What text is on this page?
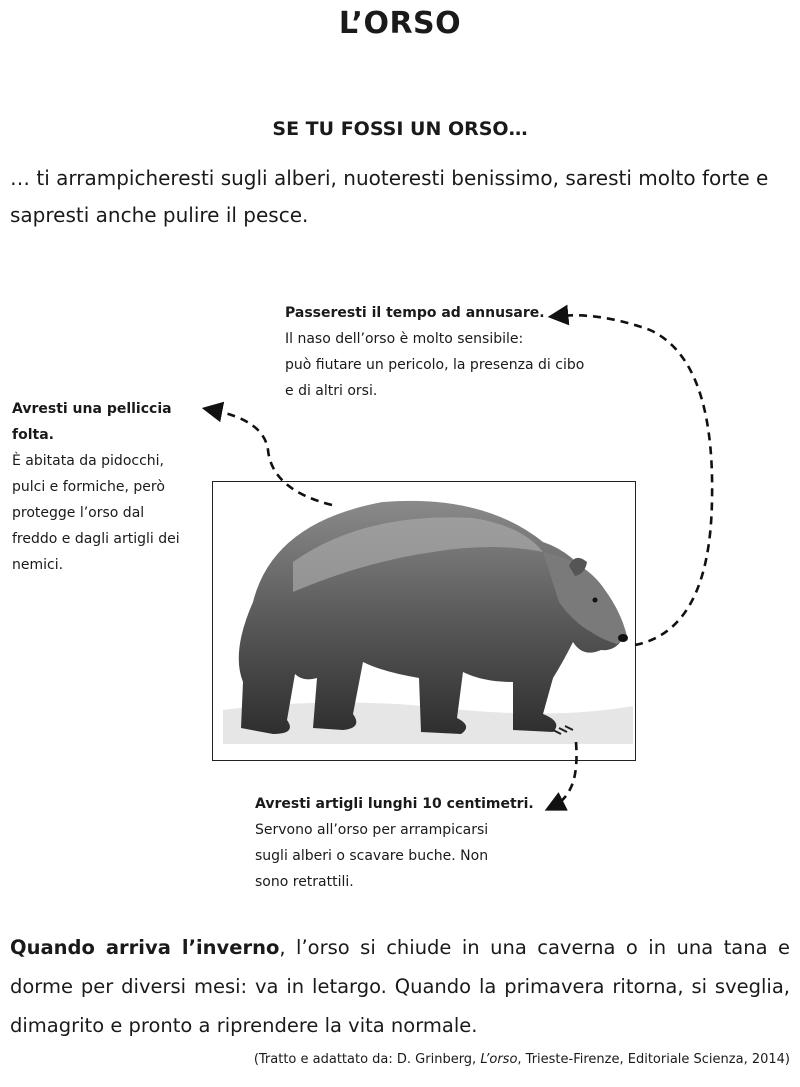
L’ORSO
SE TU FOSSI UN ORSO…
… ti arrampicheresti sugli alberi, nuoteresti benissimo, saresti molto forte e sapresti anche pulire il pesce.
Passeresti il tempo ad annusare.
Il naso dell’orso è molto sensibile:
può fiutare un pericolo, la presenza di cibo
e di altri orsi.
Avresti una pelliccia
folta.
È abitata da pidocchi,
pulci e formiche, però
protegge l’orso dal
freddo e dagli artigli dei
nemici.
Avresti artigli lunghi 10 centimetri.
Servono all’orso per arrampicarsi
sugli alberi o scavare buche. Non
sono retrattili.
Quando arriva l’inverno, l’orso si chiude in una caverna o in una tana e dorme per diversi mesi: va in letargo. Quando la primavera ritorna, si sveglia, dimagrito e pronto a riprendere la vita normale.
(Tratto e adattato da: D. Grinberg, L’orso, Trieste-Firenze, Editoriale Scienza, 2014)
